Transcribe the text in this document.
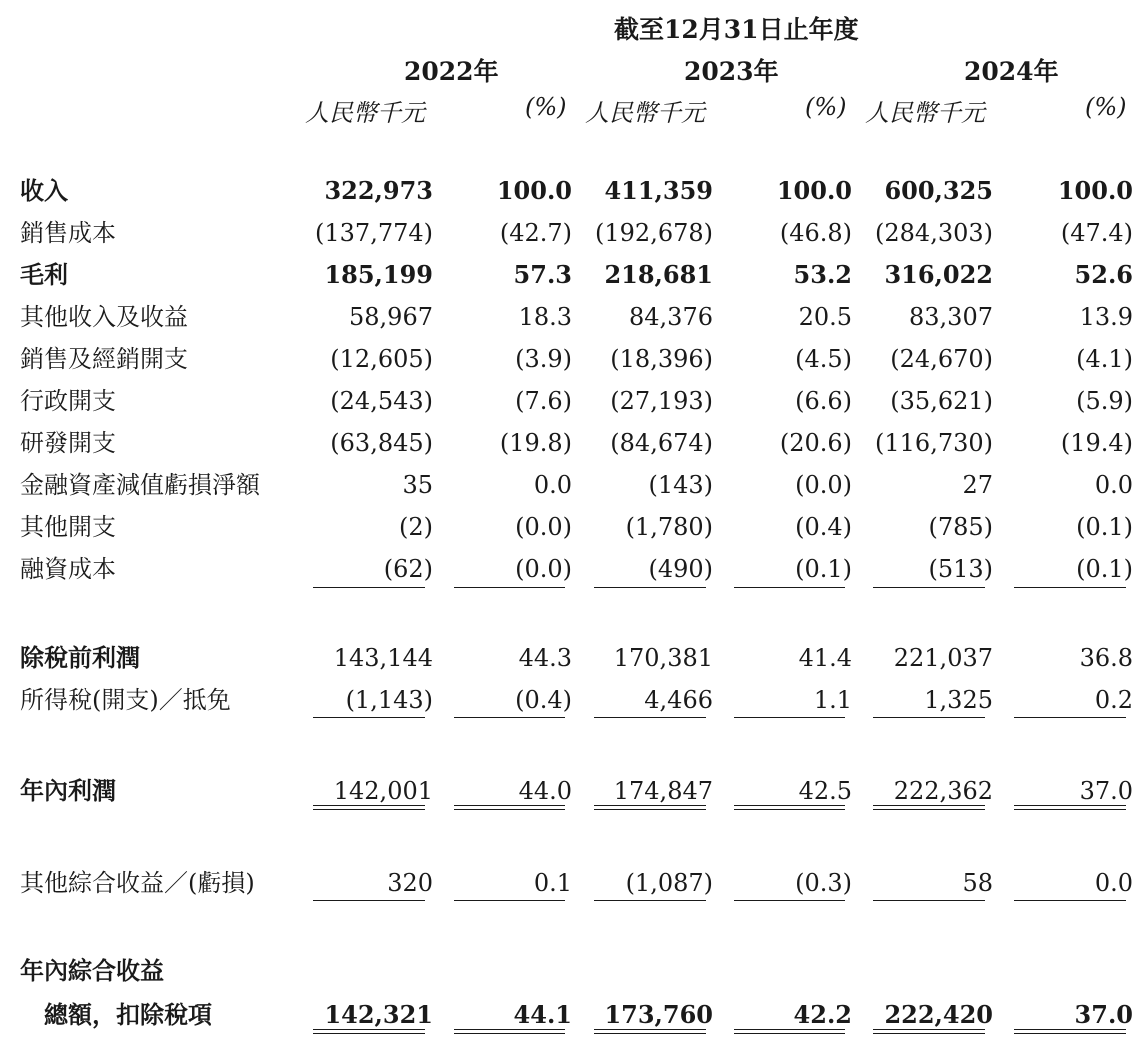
截至12月31日止年度
2022年	2023年	2024年
人民幣千元	(%) 人民幣千元	(%) 人民幣千元	(%)
收入	322,973	100.0 411,359	100.0 600,325	100.0
銷售成本	(137,774)	(42.7) (192,678)	(46.8) (284,303)	(47.4)
毛利	185,199	57.3 218,681	53.2 316,022	52.6
其他收入及收益	58,967	18.3 84,376	20.5 83,307	13.9
銷售及經銷開支	(12,605)	(3.9) (18,396)	(4.5) (24,670)	(4.1)
行政開支	(24,543)	(7.6) (27,193)	(6.6) (35,621)	(5.9)
研發開支	(63,845)	(19.8) (84,674)	(20.6) (116,730)	(19.4)
金融資產減值虧損淨額	35	0.0	(143)	(0.0)	27	0.0
其他開支	(2)	(0.0) (1,780)	(0.4)	(785)	(0.1)
融資成本	(62)	(0.0)	(490)	(0.1)	(513)	(0.1)
除稅前利潤	143,144	44.3 170,381	41.4 221,037	36.8
所得稅(開支)／抵免	(1,143)	(0.4)	4,466	1.1	1,325	0.2
年內利潤	142,001	44.0 174,847	42.5 222,362	37.0
其他綜合收益／(虧損)	320	0.1 (1,087)	(0.3)	58	0.0
年內綜合收益
　總額，扣除稅項	142,321	44.1 173,760	42.2 222,420	37.0
